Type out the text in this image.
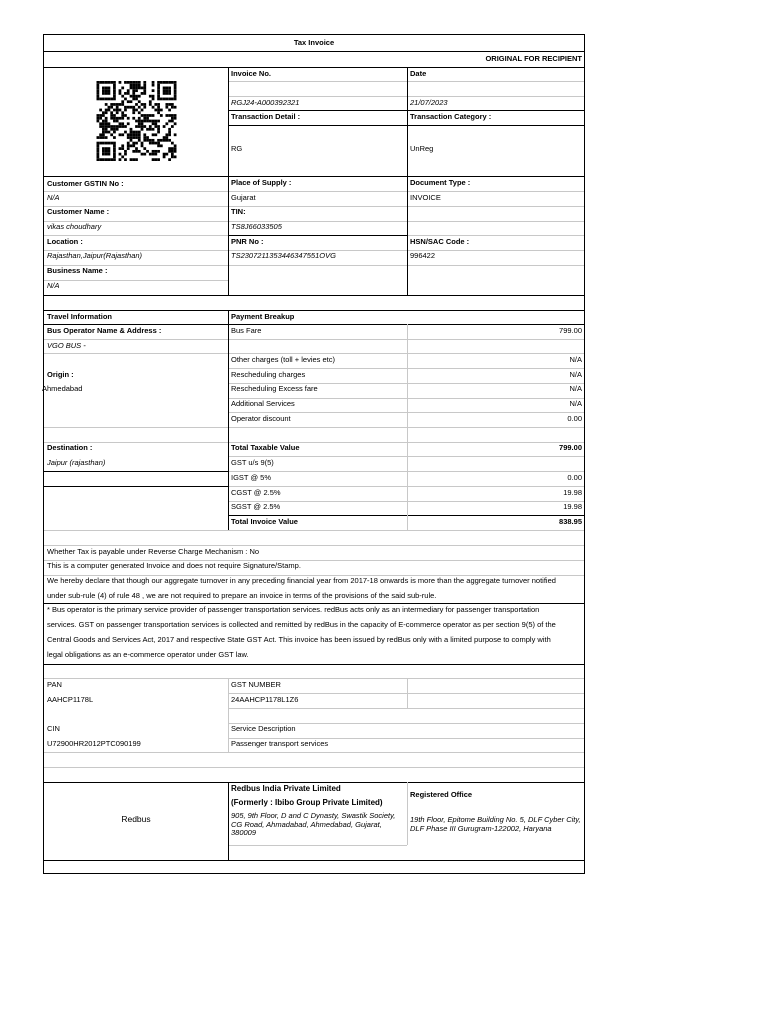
Tax Invoice
ORIGINAL FOR RECIPIENT
Invoice No.	Date
RGJ24-A000392321	21/07/2023
Transaction Detail :	Transaction Category :
RG	UnReg
Customer GSTIN No :	Place of Supply :	Document Type :
N/A	Gujarat	INVOICE
Customer Name :	TIN:
vikas choudhary	TS8J66033505
Location :	PNR No :	HSN/SAC Code :
Rajasthan,Jaipur(Rajasthan)	TS2307211353446347551OVG	996422
Business Name :
N/A
Travel Information	Payment Breakup
Bus Operator Name & Address :	Bus Fare	799.00
VGO BUS -
Other charges (toll + levies etc)	N/A
Origin :	Rescheduling charges	N/A
Ahmedabad	Rescheduling Excess fare	N/A
Additional Services	N/A
Operator discount	0.00
Destination :	Total Taxable Value	799.00
Jaipur (rajasthan)	GST u/s 9(5)
IGST @ 5%	0.00
CGST @ 2.5%	19.98
SGST @ 2.5%	19.98
Total Invoice Value	838.95
Whether Tax is payable under Reverse Charge Mechanism : No
This is a computer generated Invoice and does not require Signature/Stamp.
We hereby declare that though our aggregate turnover in any preceding financial year from 2017-18 onwards is more than the aggregate turnover notified
under sub-rule (4) of rule 48 , we are not required to prepare an invoice in terms of the provisions of the said sub-rule.
* Bus operator is the primary service provider of passenger transportation services. redBus acts only as an intermediary for passenger transportation
services. GST on passenger transportation services is collected and remitted by redBus in the capacity of E-commerce operator as per section 9(5) of the
Central Goods and Services Act, 2017 and respective State GST Act. This invoice has been issued by redBus only with a limited purpose to comply with
legal obligations as an e-commerce operator under GST law.
PAN	GST NUMBER
AAHCP1178L	24AAHCP1178L1Z6
CIN	Service Description
U72900HR2012PTC090199	Passenger transport services
Redbus
Redbus India Private Limited
(Formerly : Ibibo Group Private Limited)
905, 9th Floor, D and C Dynasty, Swastik Society, CG Road, Ahmadabad, Ahmedabad, Gujarat, 380009
Registered Office
19th Floor, Epitome Building No. 5, DLF Cyber City, DLF Phase III Gurugram-122002, Haryana
